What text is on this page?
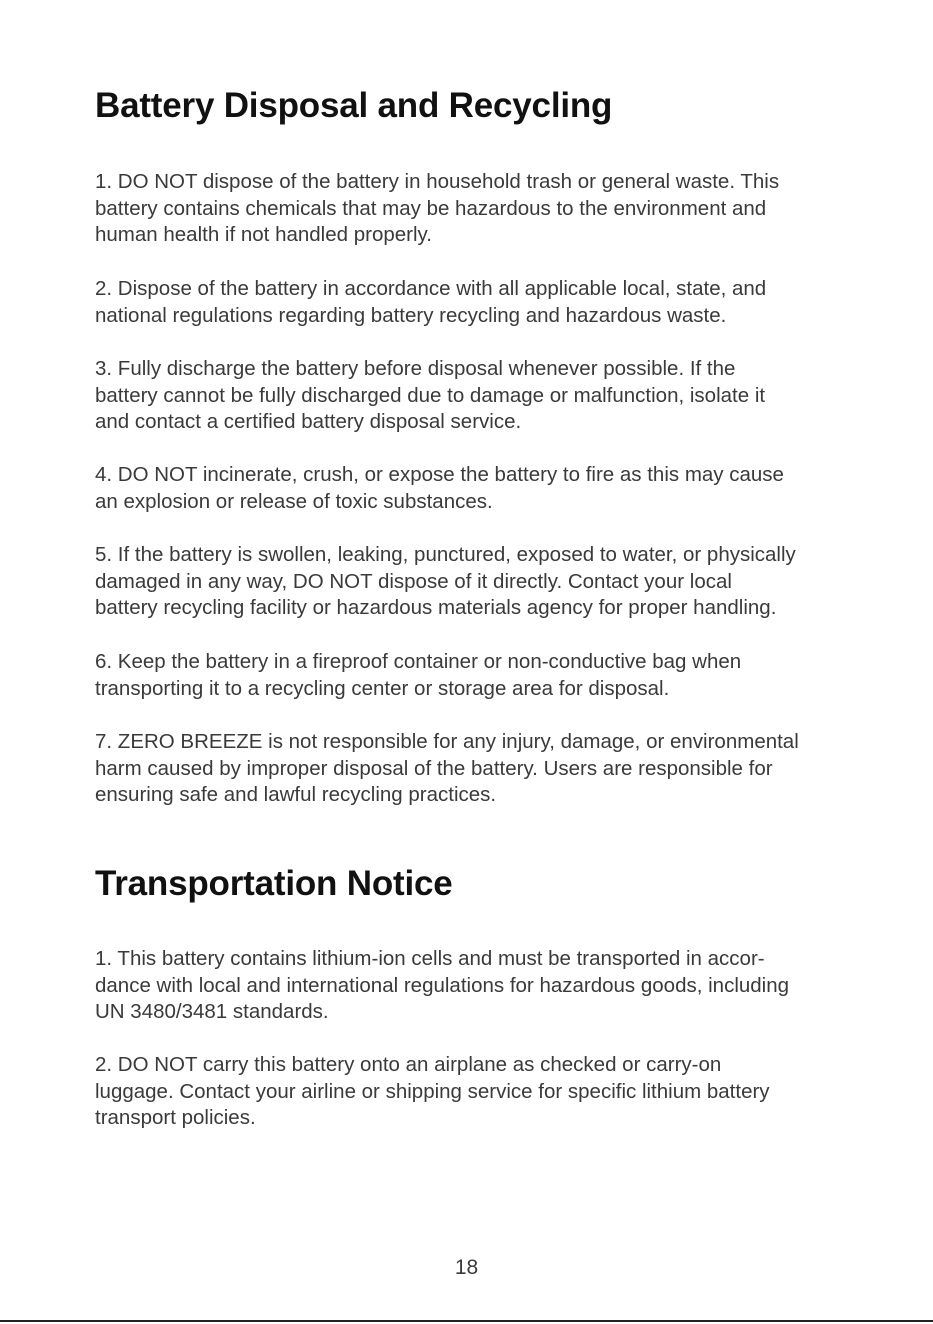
Battery Disposal and Recycling

1. DO NOT dispose of the battery in household trash or general waste. This
battery contains chemicals that may be hazardous to the environment and
human health if not handled properly.

2. Dispose of the battery in accordance with all applicable local, state, and
national regulations regarding battery recycling and hazardous waste.

3. Fully discharge the battery before disposal whenever possible. If the
battery cannot be fully discharged due to damage or malfunction, isolate it
and contact a certified battery disposal service.

4. DO NOT incinerate, crush, or expose the battery to fire as this may cause
an explosion or release of toxic substances.

5. If the battery is swollen, leaking, punctured, exposed to water, or physically
damaged in any way, DO NOT dispose of it directly. Contact your local
battery recycling facility or hazardous materials agency for proper handling.

6. Keep the battery in a fireproof container or non-conductive bag when
transporting it to a recycling center or storage area for disposal.

7. ZERO BREEZE is not responsible for any injury, damage, or environmental
harm caused by improper disposal of the battery. Users are responsible for
ensuring safe and lawful recycling practices.

Transportation Notice

1. This battery contains lithium-ion cells and must be transported in accor-
dance with local and international regulations for hazardous goods, including
UN 3480/3481 standards.

2. DO NOT carry this battery onto an airplane as checked or carry-on
luggage. Contact your airline or shipping service for specific lithium battery
transport policies.

18
